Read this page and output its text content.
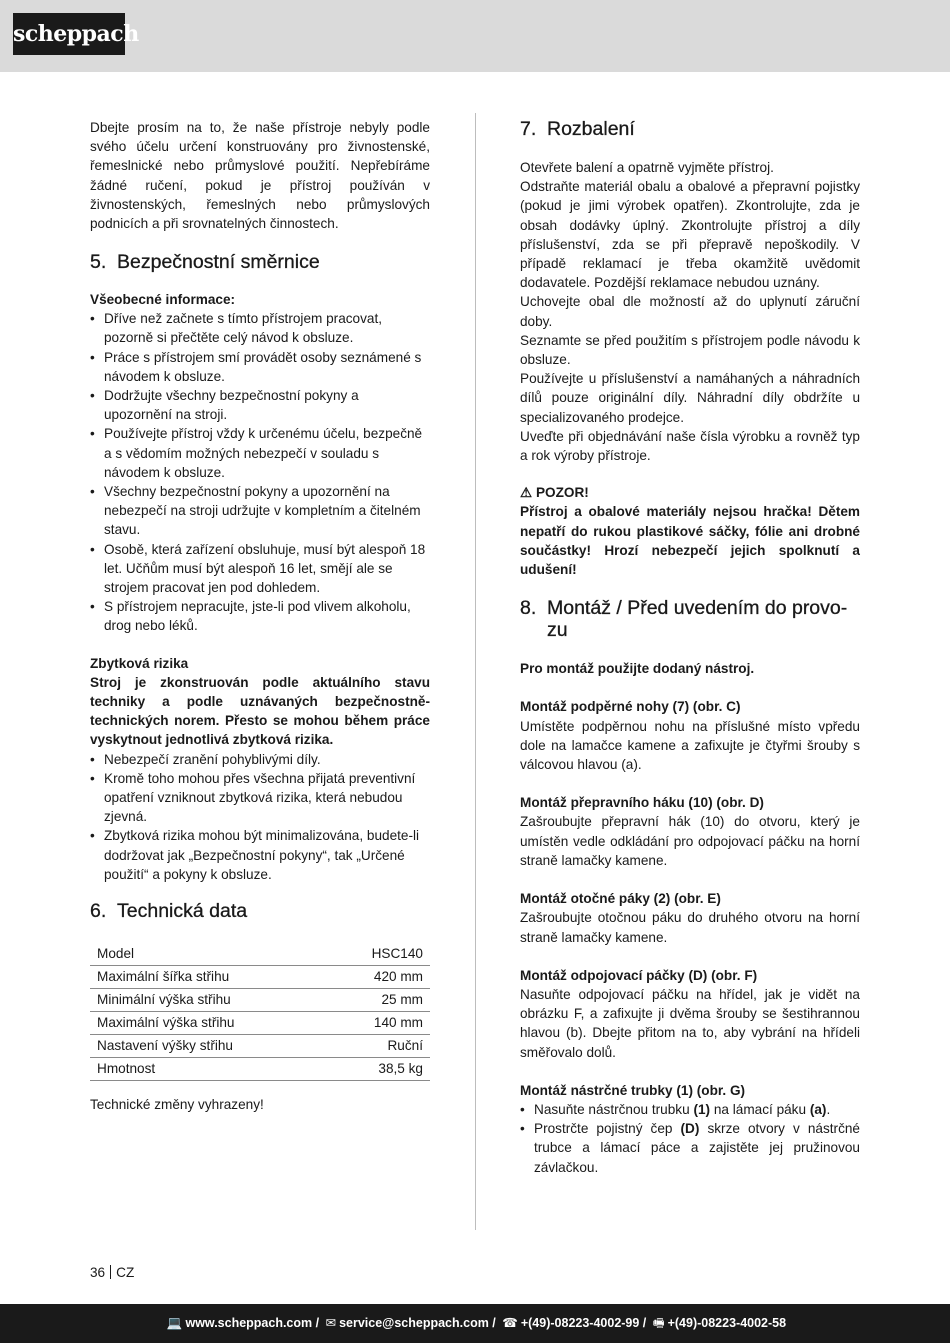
scheppach

Dbejte prosím na to, že naše přístroje nebyly podle svého účelu určení konstruovány pro živnostenské, řemeslnické nebo průmyslové použití. Nepřebíráme žádné ručení, pokud je přístroj používán v živnostenských, řemeslných nebo průmyslových podnicích a při srovnatelných činnostech.

5. Bezpečnostní směrnice

Všeobecné informace:

• Dříve než začnete s tímto přístrojem pracovat, pozorně si přečtěte celý návod k obsluze.
• Práce s přístrojem smí provádět osoby seznámené s návodem k obsluze.
• Dodržujte všechny bezpečnostní pokyny a upozornění na stroji.
• Používejte přístroj vždy k určenému účelu, bezpečně a s vědomím možných nebezpečí v souladu s návodem k obsluze.
• Všechny bezpečnostní pokyny a upozornění na nebezpečí na stroji udržujte v kompletním a čitelném stavu.
• Osobě, která zařízení obsluhuje, musí být alespoň 18 let. Učňům musí být alespoň 16 let, smějí ale se strojem pracovat jen pod dohledem.
• S přístrojem nepracujte, jste-li pod vlivem alkoholu, drog nebo léků.

Zbytková rizika

Stroj je zkonstruován podle aktuálního stavu techniky a podle uznávaných bezpečnostně-technických norem. Přesto se mohou během práce vyskytnout jednotlivá zbytková rizika.

• Nebezpečí zranění pohyblivými díly.
• Kromě toho mohou přes všechna přijatá preventivní opatření vzniknout zbytková rizika, která nebudou zjevná.
• Zbytková rizika mohou být minimalizována, budete-li dodržovat jak „Bezpečnostní pokyny“, tak „Určené použití“ a pokyny k obsluze.
6. Technická data
Model	HSC140
Maximální šířka střihu	420 mm
Minimální výška střihu	25 mm
Maximální výška střihu	140 mm
Nastavení výšky střihu	Ruční
Hmotnost	38,5 kg

Technické změny vyhrazeny!

7. Rozbalení

Otevřete balení a opatrně vyjměte přístroj.

Odstraňte materiál obalu a obalové a přepravní pojistky (pokud je jimi výrobek opatřen). Zkontrolujte, zda je obsah dodávky úplný. Zkontrolujte přístroj a díly příslušenství, zda se při přepravě nepoškodily. V případě reklamací je třeba okamžitě uvědomit dodavatele. Pozdější reklamace nebudou uznány.

Uchovejte obal dle možností až do uplynutí záruční doby.

Seznamte se před použitím s přístrojem podle návodu k obsluze.

Používejte u příslušenství a namáhaných a náhradních dílů pouze originální díly. Náhradní díly obdržíte u specializovaného prodejce.

Uveďte při objednávání naše čísla výrobku a rovněž typ a rok výroby přístroje.

⚠ POZOR!

Přístroj a obalové materiály nejsou hračka! Dětem nepatří do rukou plastikové sáčky, fólie ani drobné součástky! Hrozí nebezpečí jejich spolknutí a udušení!

8. Montáž / Před uvedením do provo-
zu

Pro montáž použijte dodaný nástroj.

Montáž podpěrné nohy (7) (obr. C)

Umístěte podpěrnou nohu na příslušné místo vpředu dole na lamačce kamene a zafixujte je čtyřmi šrouby s válcovou hlavou (a).

Montáž přepravního háku (10) (obr. D)

Zašroubujte přepravní hák (10) do otvoru, který je umístěn vedle odkládání pro odpojovací páčku na horní straně lamačky kamene.

Montáž otočné páky (2) (obr. E)

Zašroubujte otočnou páku do druhého otvoru na horní straně lamačky kamene.

Montáž odpojovací páčky (D) (obr. F)

Nasuňte odpojovací páčku na hřídel, jak je vidět na obrázku F, a zafixujte ji dvěma šrouby se šestihrannou hlavou (b). Dbejte přitom na to, aby vybrání na hřídeli směřovalo dolů.

Montáž nástrčné trubky (1) (obr. G)

• Nasuňte nástrčnou trubku (1) na lámací páku (a).
• Prostrčte pojistný čep (D) skrze otvory v nástrčné trubce a lámací páce a zajistěte jej pružinovou závlačkou.
36 CZ
💻 www.scheppach.com / ✉ service@scheppach.com / ☎ +(49)-08223-4002-99 / 🖷 +(49)-08223-4002-58
